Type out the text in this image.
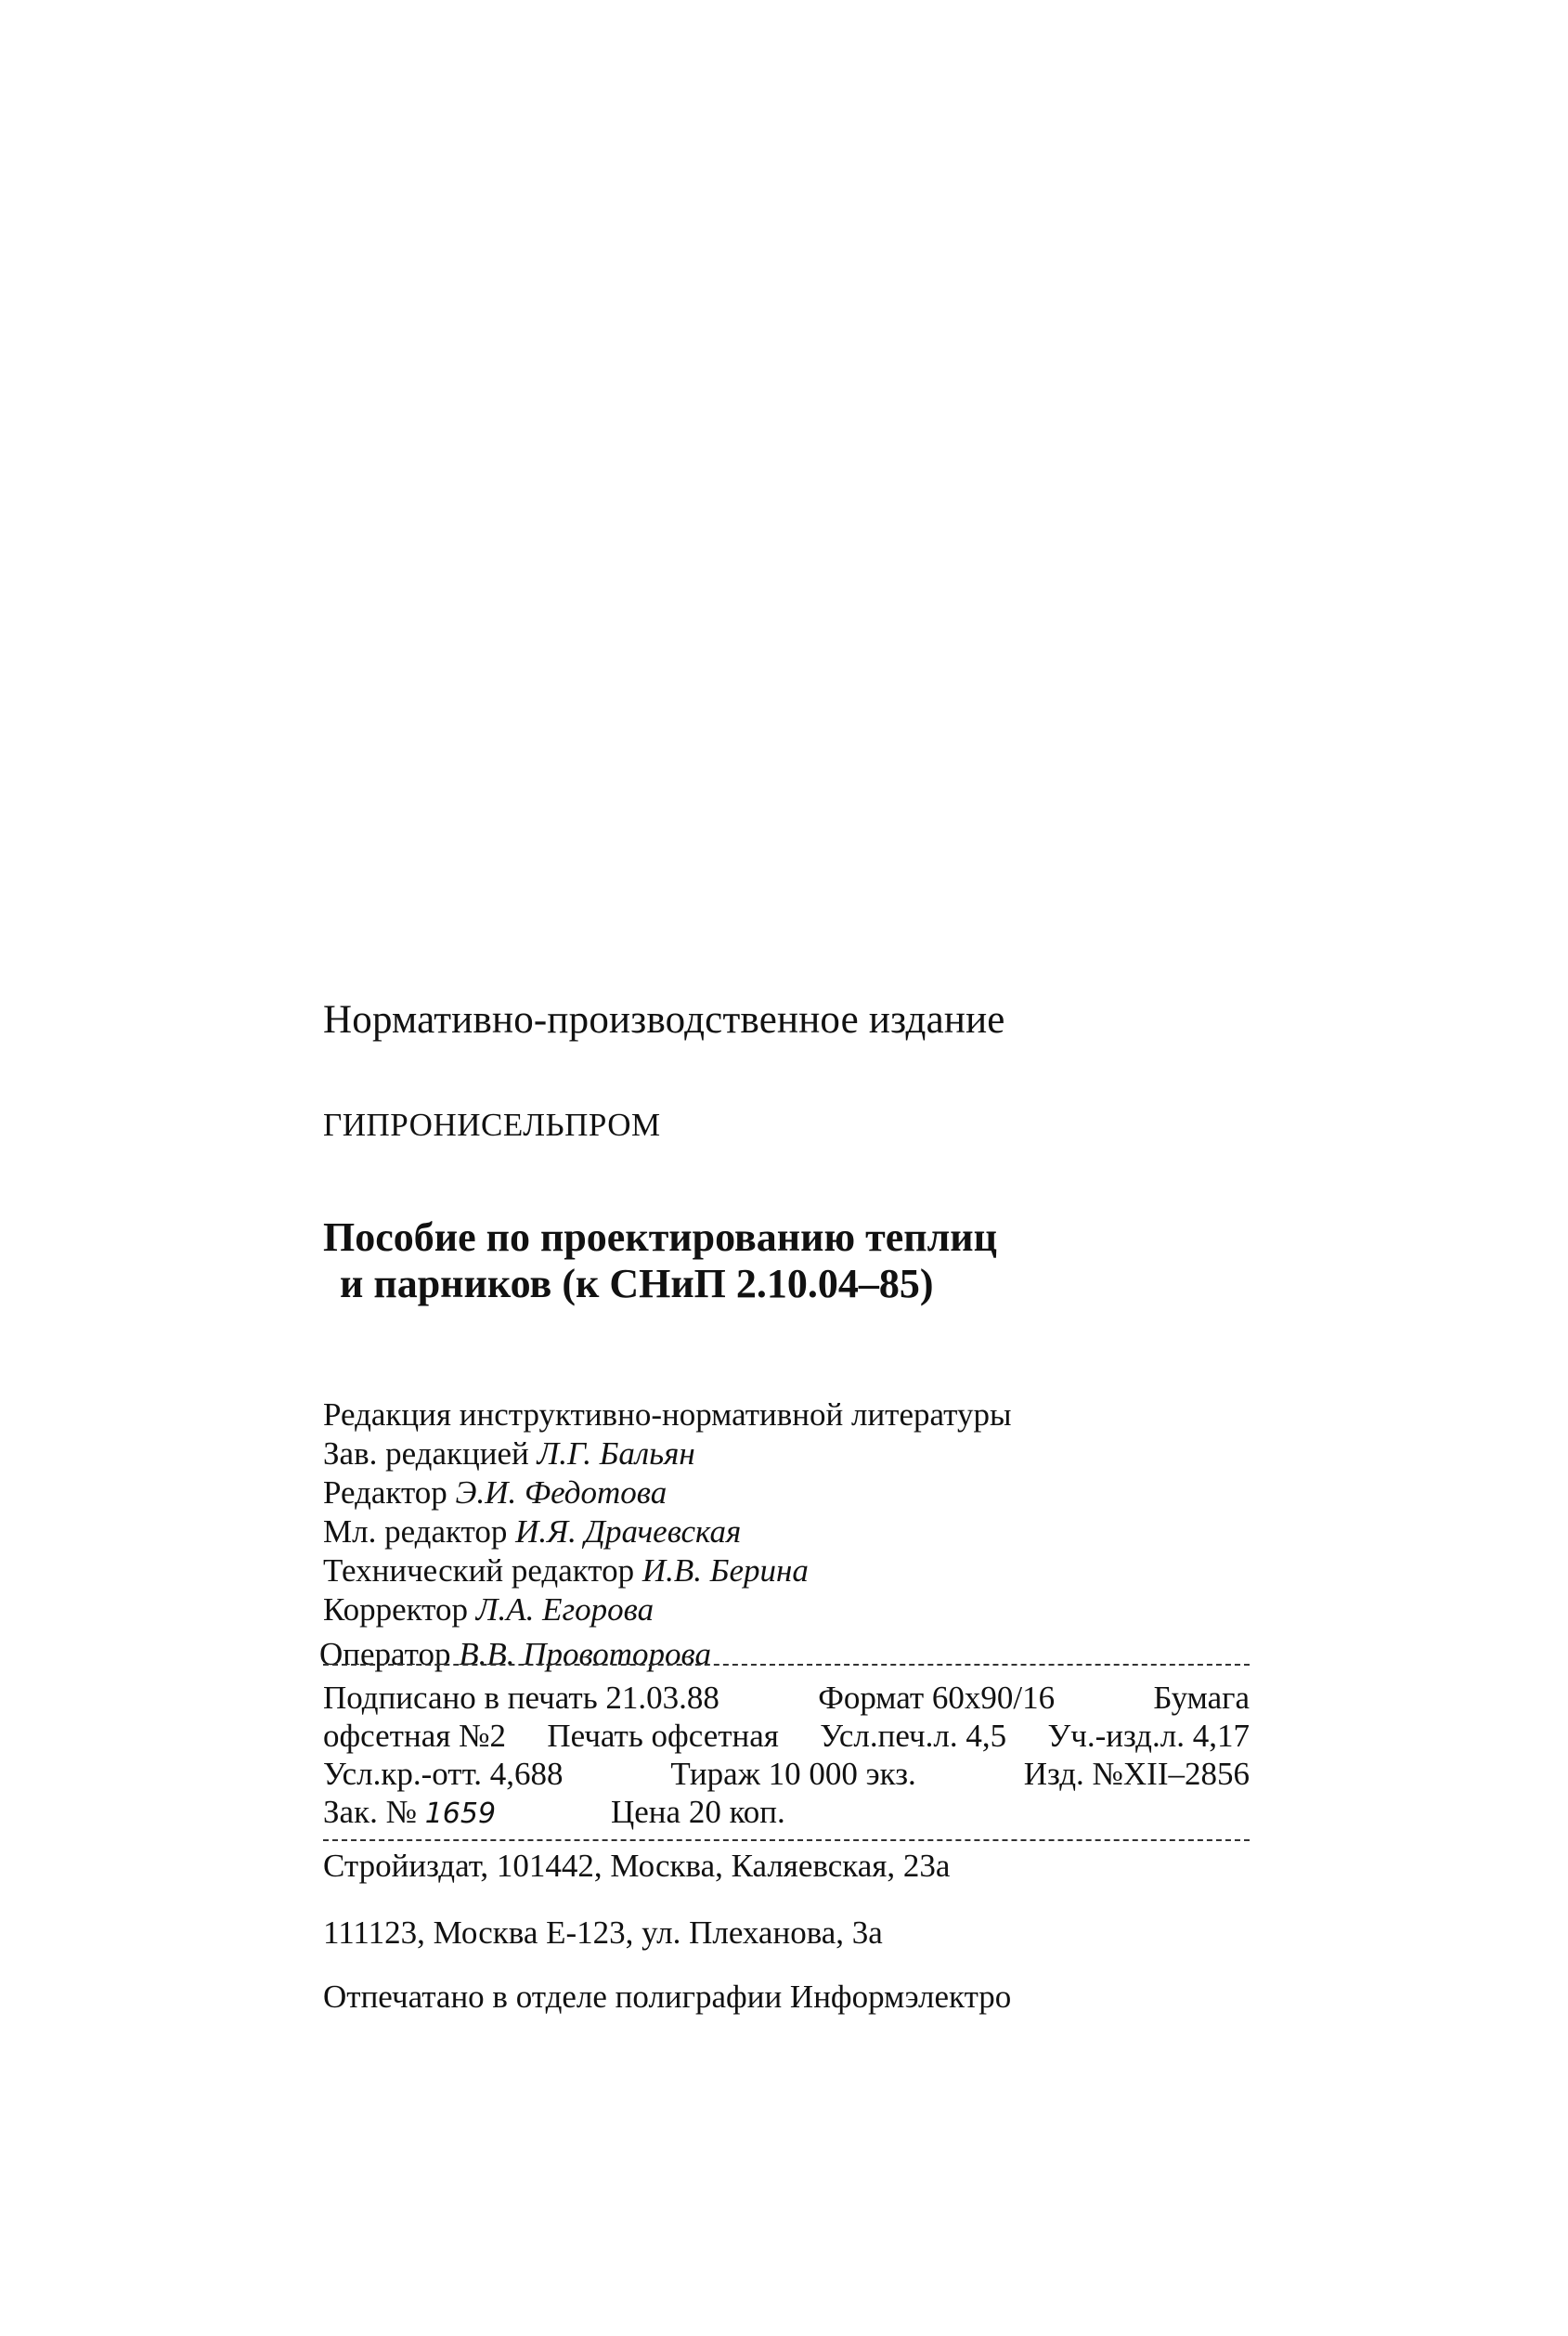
Нормативно-производственное издание
ГИПРОНИСЕЛЬПРОМ
Пособие по проектированию теплиц
и парников (к СНиП 2.10.04–85)
Редакция инструктивно-нормативной литературы
Зав. редакцией Л.Г. Бальян
Редактор Э.И. Федотова
Мл. редактор И.Я. Драчевская
Технический редактор И.В. Берина
Корректор Л.А. Егорова
Оператор В.В. Провоторова
Подписано в печать 21.03.88	Формат 60х90/16	Бумага
офсетная №2 Печать офсетная Усл.печ.л. 4,5 Уч.-изд.л. 4,17
Усл.кр.-отт. 4,688	Тираж 10 000 экз.	Изд. №XII–2856
Зак. № 1659	Цена 20 коп.
Стройиздат, 101442, Москва, Каляевская, 23а
111123, Москва Е-123, ул. Плеханова, 3а
Отпечатано в отделе полиграфии Информэлектро
